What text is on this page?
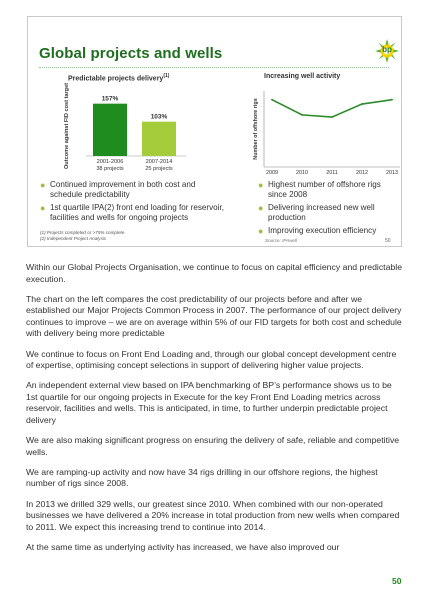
Global projects and wells	bp
Predictable projects delivery$^{(1)}$
Outcome against FID cost target	157%
2001-2006
38 projects
103%
2007-2014
25 projects
● Continued improvement in both cost and schedule predictability
● 1st quartile IPA(2) front end loading for reservoir, facilities and wells for ongoing projects
Increasing well activity
Number of offshore rigs
2009	2010	2011	2012	2013
● Highest number of offshore rigs since 2008
● Delivering increased new well production
● Improving execution efficiency
(1) Projects completed or >75% complete
(2) Independent Project Analysis	Source: IPAwell	50

Within our Global Projects Organisation, we continue to focus on capital efficiency and predictable execution.

The chart on the left compares the cost predictability of our projects before and after we established our Major Projects Common Process in 2007. The performance of our project delivery continues to improve – we are on average within 5% of our FID targets for both cost and schedule with delivery being more predictable

We continue to focus on Front End Loading and, through our global concept development centre of expertise, optimising concept selections in support of delivering higher value projects.

An independent external view based on IPA benchmarking of BP’s performance shows us to be 1st quartile for our ongoing projects in Execute for the key Front End Loading metrics across reservoir, facilities and wells. This is anticipated, in time, to further underpin predictable project delivery

We are also making significant progress on ensuring the delivery of safe, reliable and competitive wells.

We are ramping-up activity and now have 34 rigs drilling in our offshore regions, the highest number of rigs since 2008.

In 2013 we drilled 329 wells, our greatest since 2010. When combined with our non-operated businesses we have delivered a 20% increase in total production from new wells when compared to 2011. We expect this increasing trend to continue into 2014.

At the same time as underlying activity has increased, we have also improved our

50
